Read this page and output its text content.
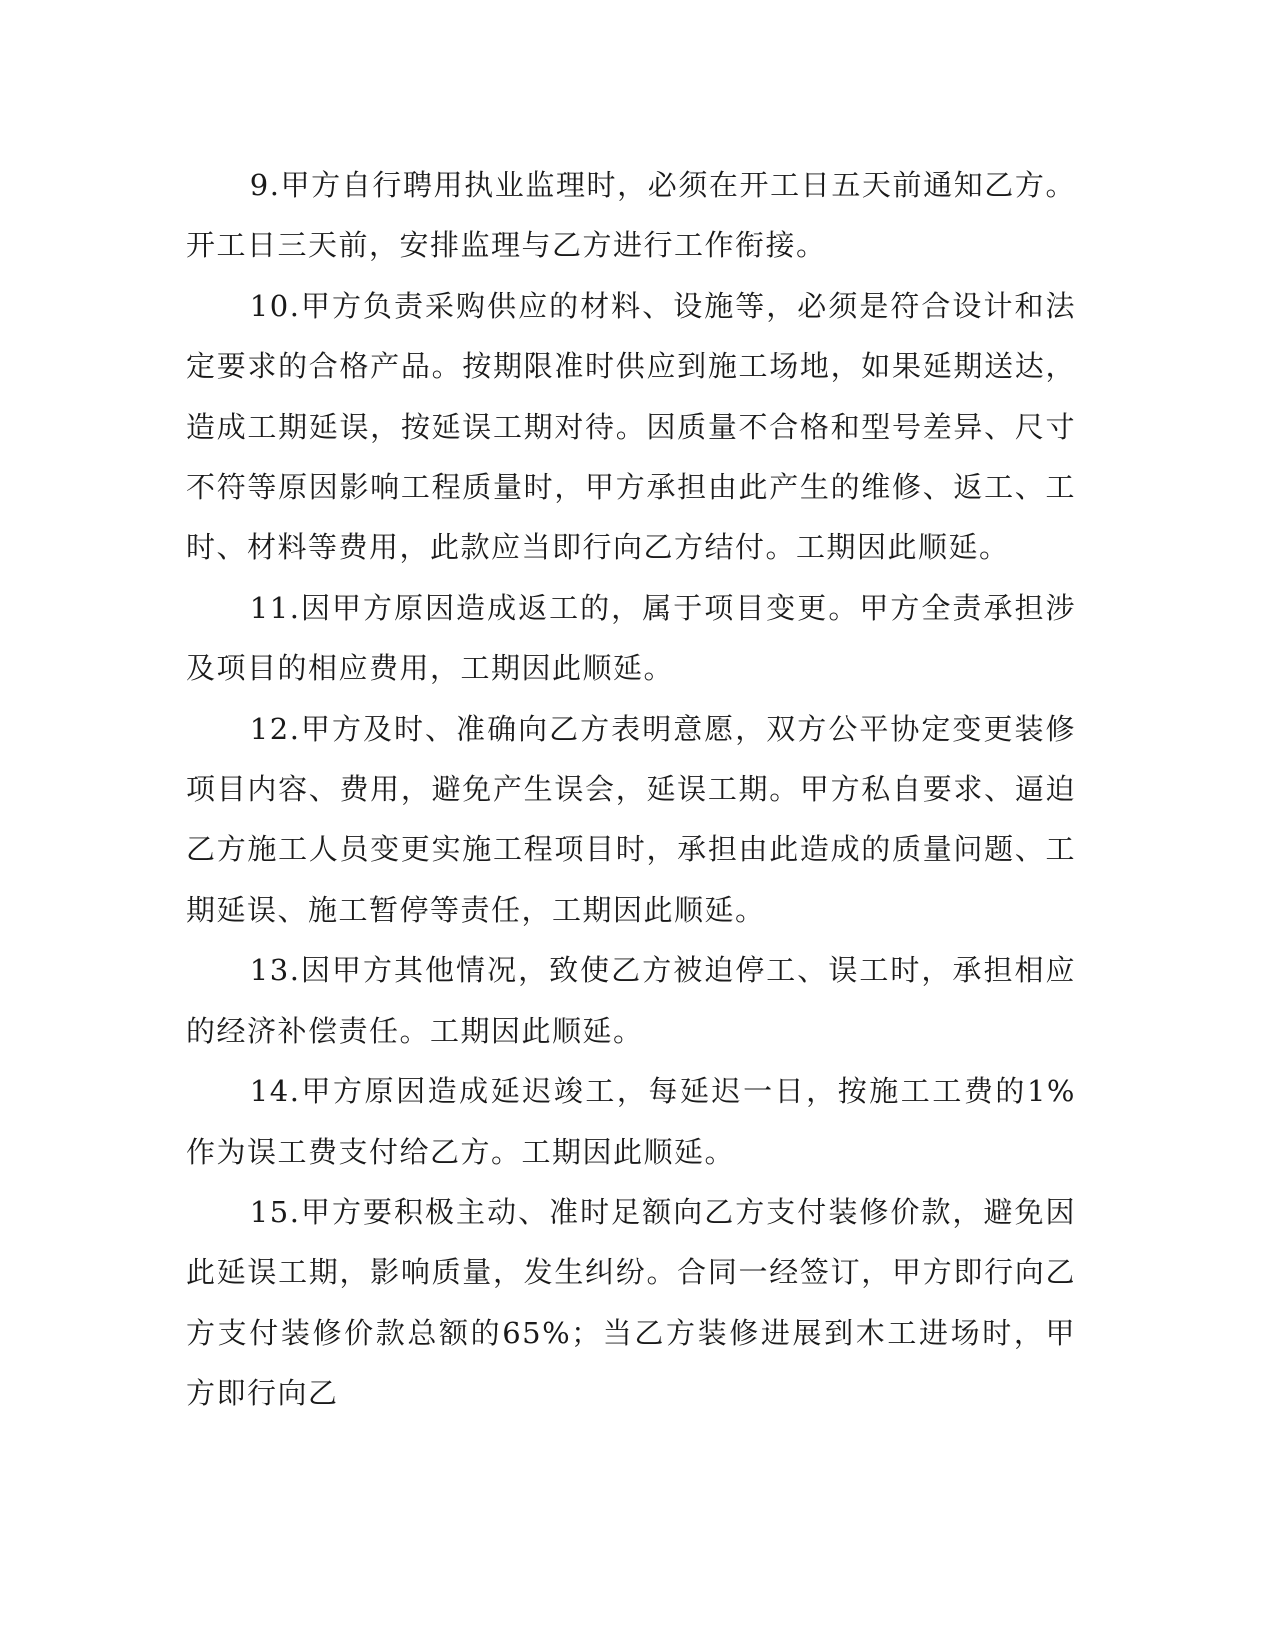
9.甲方自行聘用执业监理时，必须在开工日五天前通知乙方。开工日三天前，安排监理与乙方进行工作衔接。

10.甲方负责采购供应的材料、设施等，必须是符合设计和法定要求的合格产品。按期限准时供应到施工场地，如果延期送达，造成工期延误，按延误工期对待。因质量不合格和型号差异、尺寸不符等原因影响工程质量时，甲方承担由此产生的维修、返工、工时、材料等费用，此款应当即行向乙方结付。工期因此顺延。

11.因甲方原因造成返工的，属于项目变更。甲方全责承担涉及项目的相应费用，工期因此顺延。

12.甲方及时、准确向乙方表明意愿，双方公平协定变更装修项目内容、费用，避免产生误会，延误工期。甲方私自要求、逼迫乙方施工人员变更实施工程项目时，承担由此造成的质量问题、工期延误、施工暂停等责任，工期因此顺延。

13.因甲方其他情况，致使乙方被迫停工、误工时，承担相应的经济补偿责任。工期因此顺延。

14.甲方原因造成延迟竣工，每延迟一日，按施工工费的1%作为误工费支付给乙方。工期因此顺延。

15.甲方要积极主动、准时足额向乙方支付装修价款，避免因此延误工期，影响质量，发生纠纷。合同一经签订，甲方即行向乙方支付装修价款总额的65%；当乙方装修进展到木工进场时，甲方即行向乙
